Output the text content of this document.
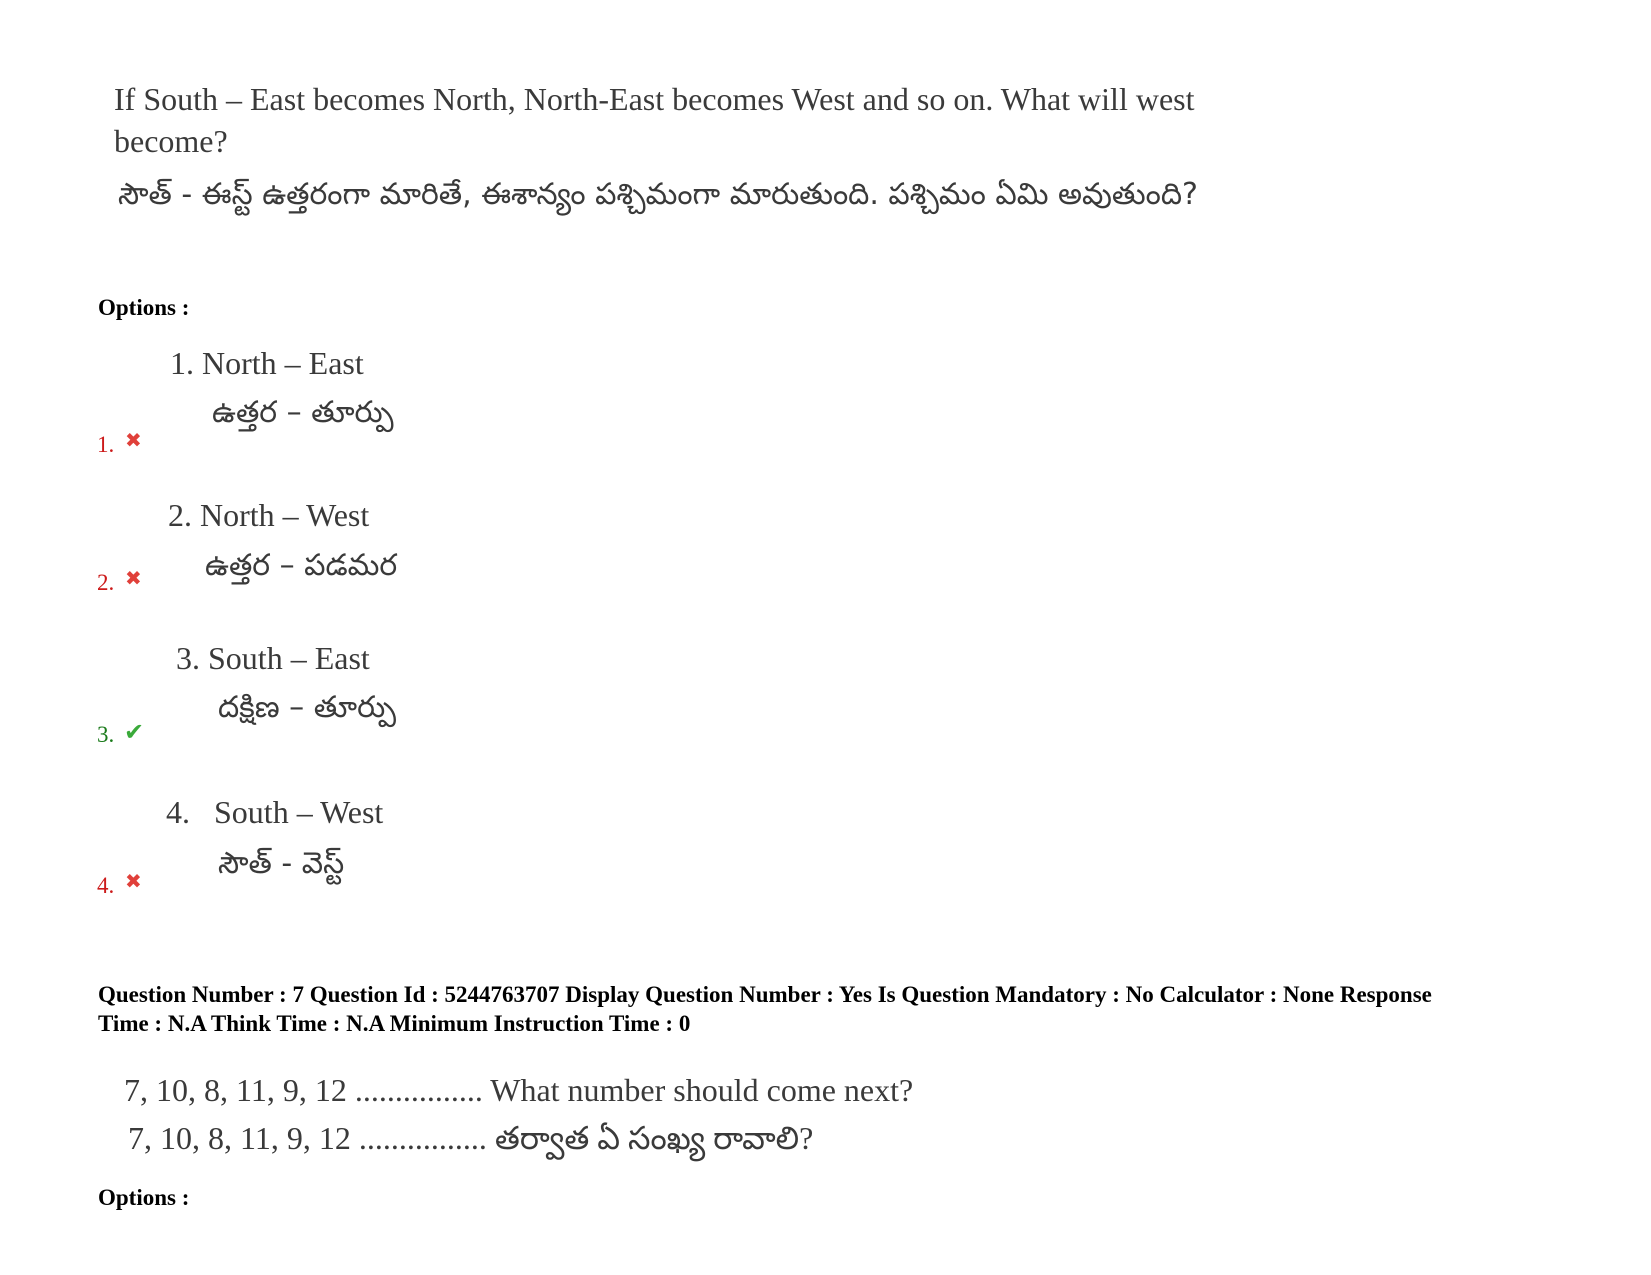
If South – East becomes North, North-East becomes West and so on. What will west become?
సౌత్ - ఈస్ట్ ఉత్తరంగా మారితే, ఈశాన్యం పశ్చిమంగా మారుతుంది. పశ్చిమం ఏమి అవుతుంది?
Options :
1. North – East
ఉత్తర – తూర్పు
1. ✖
2. North – West
ఉత్తర – పడమర
2. ✖
3. South – East
దక్షిణ – తూర్పు
3. ✔
4.   South – West
సౌత్ - వెస్ట్
4. ✖
Question Number : 7 Question Id : 5244763707 Display Question Number : Yes Is Question Mandatory : No Calculator : None Response
Time : N.A Think Time : N.A Minimum Instruction Time : 0
7, 10, 8, 11, 9, 12 ................ What number should come next?
7, 10, 8, 11, 9, 12 ................ తర్వాత ఏ సంఖ్య రావాలి?
Options :
